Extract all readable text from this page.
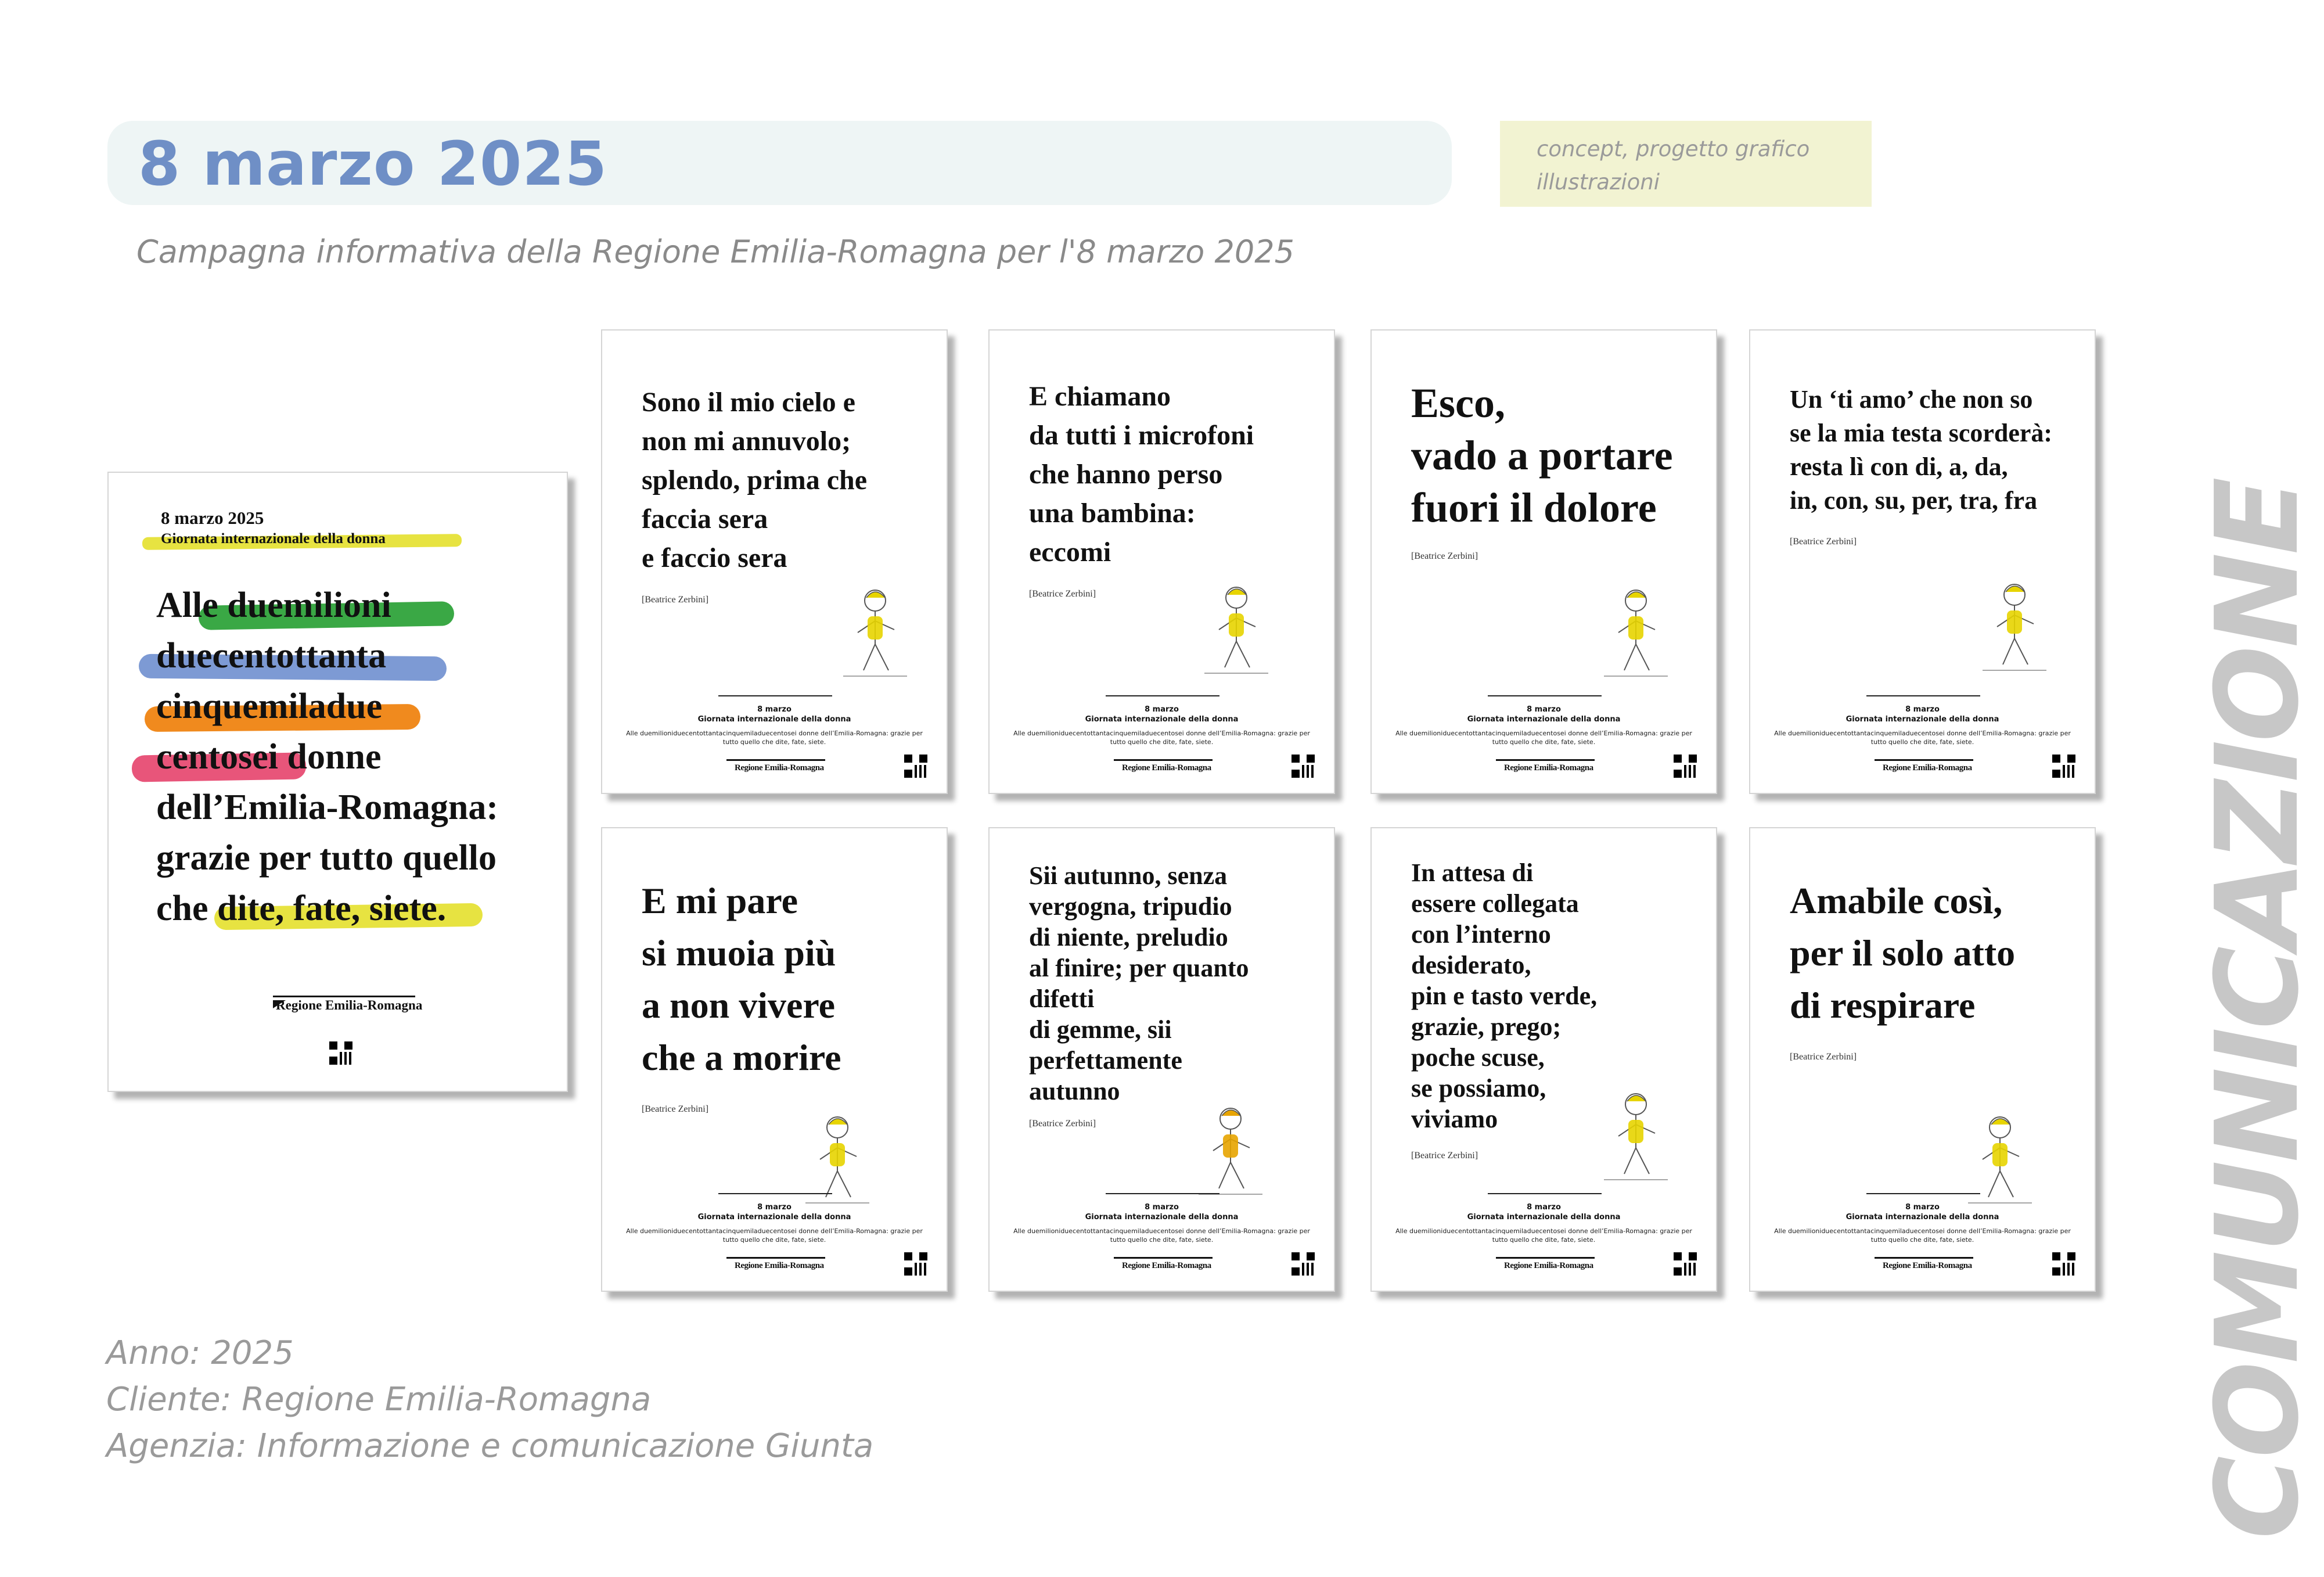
8 marzo 2025	concept, progetto grafico
illustrazioni
Campagna informativa della Regione Emilia-Romagna per l'8 marzo 2025
8 marzo 2025
Giornata internazionale della donna
Alle duemilioni
duecentottanta
cinquemiladue
centosei donne
dell’Emilia-Romagna:
grazie per tutto quello
che dite, fate, siete.
Regione Emilia-Romagna
Sono il mio cielo e
non mi annuvolo;
splendo, prima che
faccia sera
e faccio sera
[Beatrice Zerbini]
8 marzo
Giornata internazionale della donna
Alle duemilioniduecentottantacinquemiladuecentosei donne dell’Emilia-Romagna: grazie per tutto quello che dite, fate, siete.
Regione Emilia-Romagna
E chiamano
da tutti i microfoni
che hanno perso
una bambina:
eccomi
[Beatrice Zerbini]
8 marzo
Giornata internazionale della donna
Alle duemilioniduecentottantacinquemiladuecentosei donne dell’Emilia-Romagna: grazie per tutto quello che dite, fate, siete.
Regione Emilia-Romagna
Esco,
vado a portare
fuori il dolore
[Beatrice Zerbini]
8 marzo
Giornata internazionale della donna
Alle duemilioniduecentottantacinquemiladuecentosei donne dell’Emilia-Romagna: grazie per tutto quello che dite, fate, siete.
Regione Emilia-Romagna
Un ‘ti amo’ che non so
se la mia testa scorderà:
resta lì con di, a, da,
in, con, su, per, tra, fra
[Beatrice Zerbini]
8 marzo
Giornata internazionale della donna
Alle duemilioniduecentottantacinquemiladuecentosei donne dell’Emilia-Romagna: grazie per tutto quello che dite, fate, siete.
Regione Emilia-Romagna
E mi pare
si muoia più
a non vivere
che a morire
[Beatrice Zerbini]
8 marzo
Giornata internazionale della donna
Alle duemilioniduecentottantacinquemiladuecentosei donne dell’Emilia-Romagna: grazie per tutto quello che dite, fate, siete.
Regione Emilia-Romagna
Sii autunno, senza
vergogna, tripudio
di niente, preludio
al finire; per quanto
difetti
di gemme, sii
perfettamente
autunno
[Beatrice Zerbini]
8 marzo
Giornata internazionale della donna
Alle duemilioniduecentottantacinquemiladuecentosei donne dell’Emilia-Romagna: grazie per tutto quello che dite, fate, siete.
Regione Emilia-Romagna
In attesa di
essere collegata
con l’interno
desiderato,
pin e tasto verde,
grazie, prego;
poche scuse,
se possiamo,
viviamo
[Beatrice Zerbini]
8 marzo
Giornata internazionale della donna
Alle duemilioniduecentottantacinquemiladuecentosei donne dell’Emilia-Romagna: grazie per tutto quello che dite, fate, siete.
Regione Emilia-Romagna
Amabile così,
per il solo atto
di respirare
[Beatrice Zerbini]
8 marzo
Giornata internazionale della donna
Alle duemilioniduecentottantacinquemiladuecentosei donne dell’Emilia-Romagna: grazie per tutto quello che dite, fate, siete.
Regione Emilia-Romagna
Anno: 2025
Cliente: Regione Emilia-Romagna
Agenzia: Informazione e comunicazione Giunta	COMUNICAZIONE
